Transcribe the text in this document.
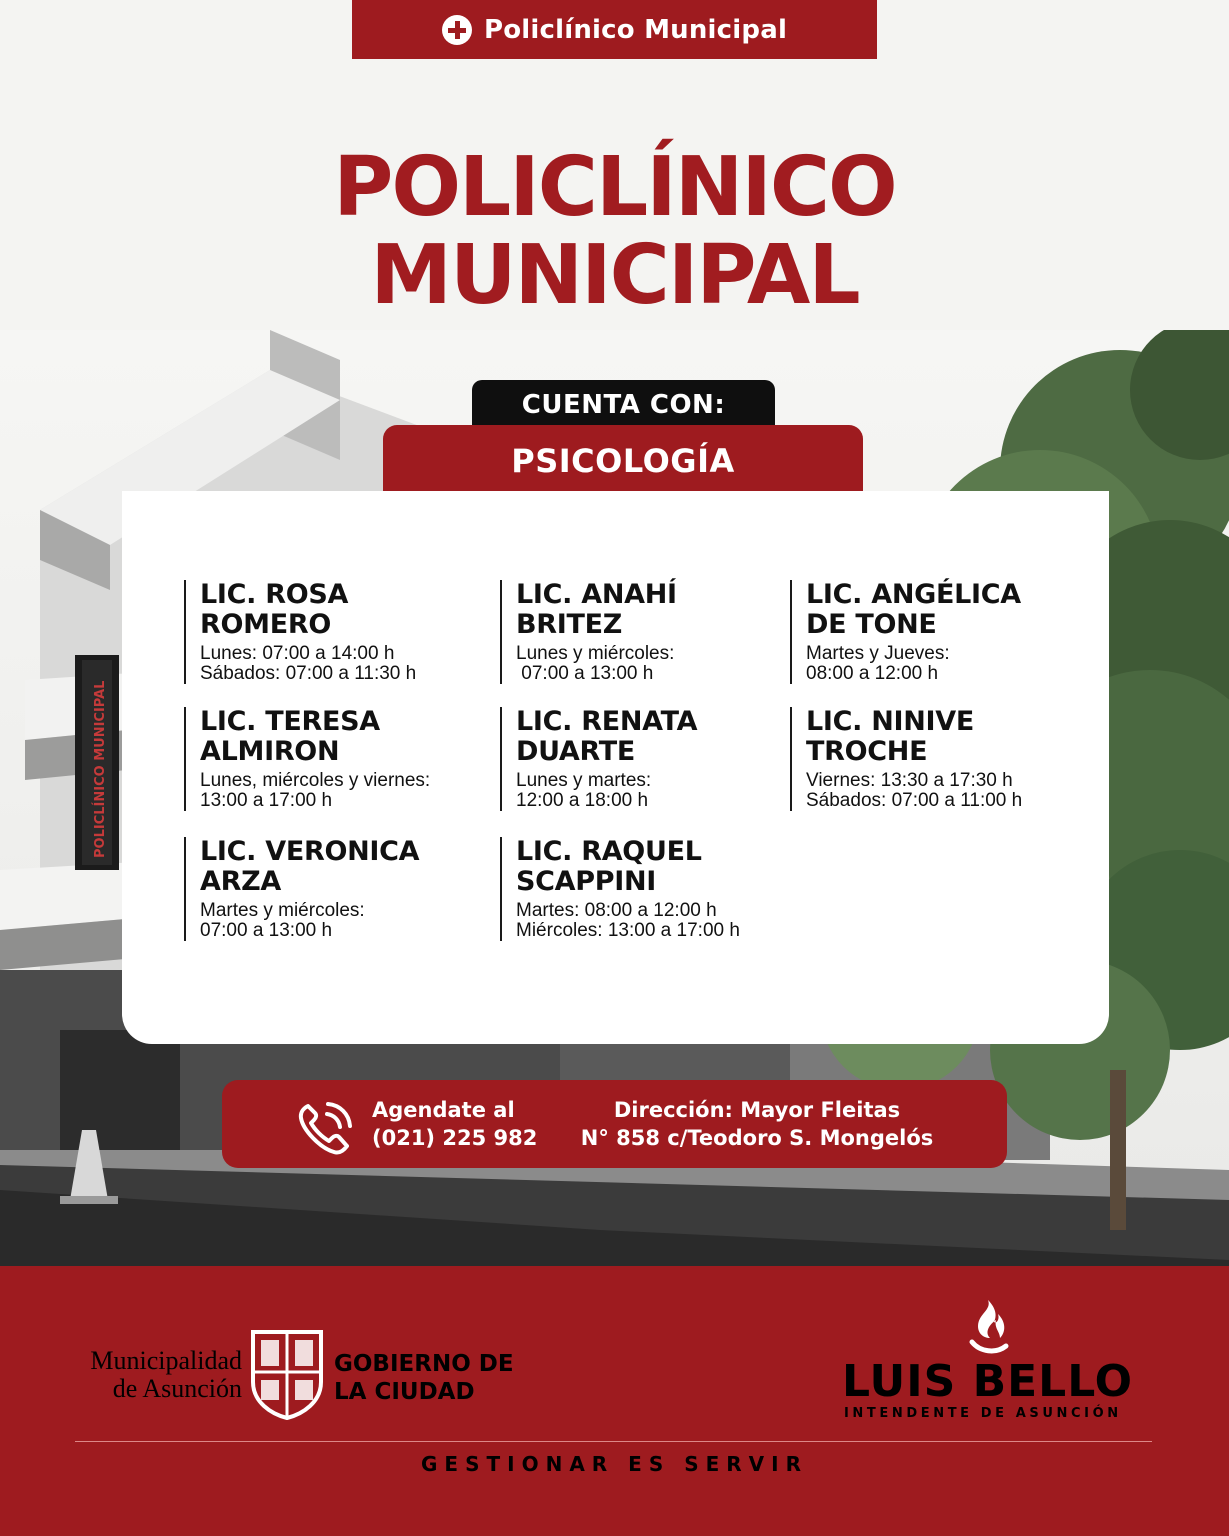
POLICLÍNICO MUNICIPAL
Policlínico Municipal
POLICLÍNICO
MUNICIPAL
CUENTA CON:
PSICOLOGÍA
LIC. ROSA
ROMERO
Lunes: 07:00 a 14:00 h
Sábados: 07:00 a 11:30 h
LIC. ANAHÍ
BRITEZ
Lunes y miércoles:
07:00 a 13:00 h
LIC. ANGÉLICA
DE TONE
Martes y Jueves:
08:00 a 12:00 h
LIC. TERESA
ALMIRON
Lunes, miércoles y viernes:
13:00 a 17:00 h
LIC. RENATA
DUARTE
Lunes y martes:
12:00 a 18:00 h
LIC. NINIVE
TROCHE
Viernes: 13:30 a 17:30 h
Sábados: 07:00 a 11:00 h
LIC. VERONICA
ARZA
Martes y miércoles:
07:00 a 13:00 h
LIC. RAQUEL
SCAPPINI
Martes: 08:00 a 12:00 h
Miércoles: 13:00 a 17:00 h
Agendate al
(021) 225 982
Dirección: Mayor Fleitas
N° 858 c/Teodoro S. Mongelós
Municipalidad
de Asunción
GOBIERNO DE
LA CIUDAD	LUIS BELLO
INTENDENTE DE ASUNCIÓN
GESTIONAR ES SERVIR
